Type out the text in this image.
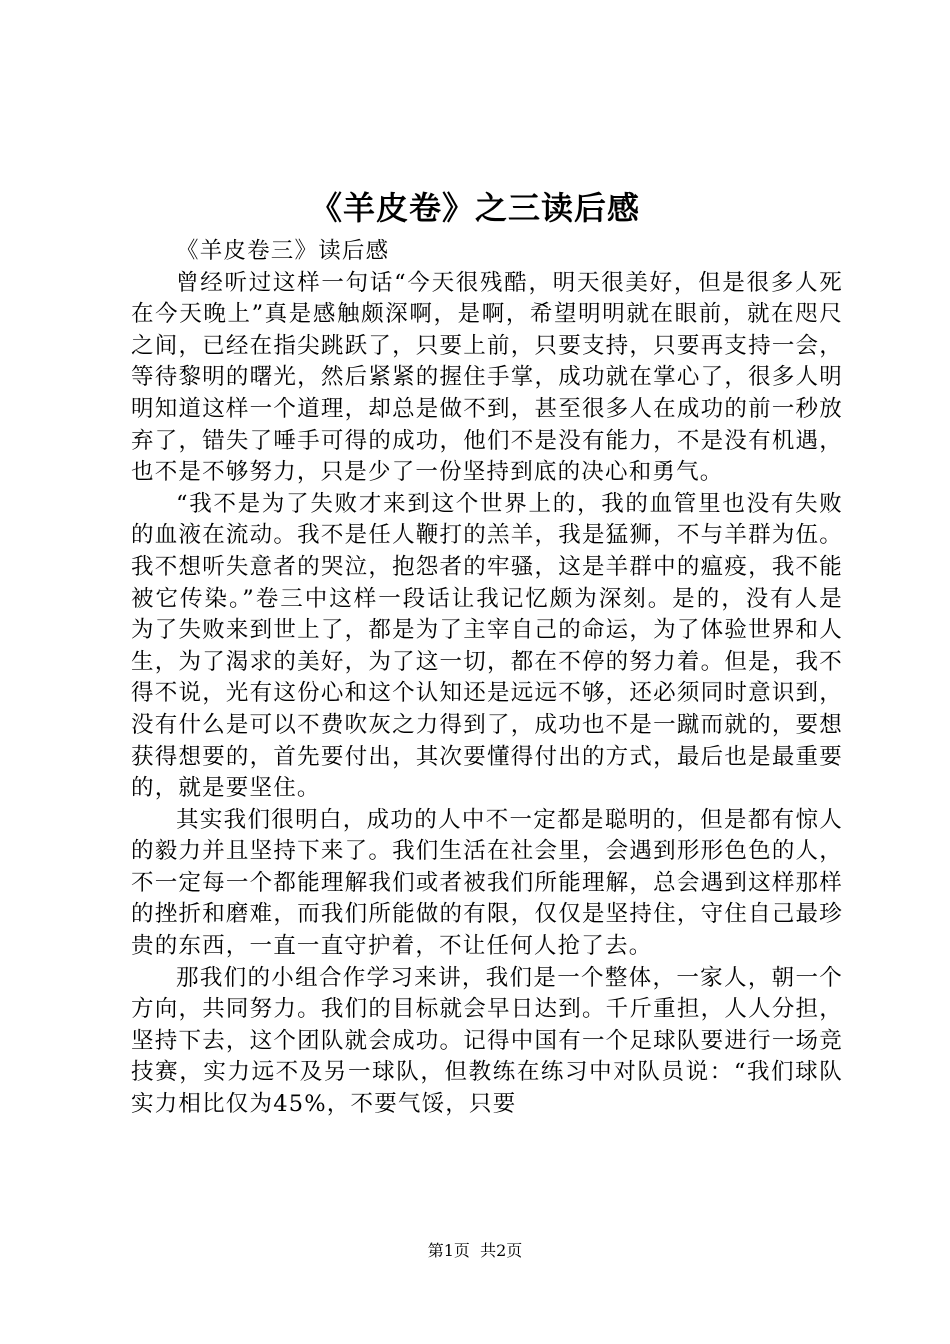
《羊皮卷》之三读后感

《羊皮卷三》读后感

曾经听过这样一句话“今天很残酷，明天很美好，但是很多人死在今天晚上”真是感触颇深啊，是啊，希望明明就在眼前，就在咫尺之间，已经在指尖跳跃了，只要上前，只要支持，只要再支持一会，等待黎明的曙光，然后紧紧的握住手掌，成功就在掌心了，很多人明明知道这样一个道理，却总是做不到，甚至很多人在成功的前一秒放弃了，错失了唾手可得的成功，他们不是没有能力，不是没有机遇，也不是不够努力，只是少了一份坚持到底的决心和勇气。

“我不是为了失败才来到这个世界上的，我的血管里也没有失败的血液在流动。我不是任人鞭打的羔羊，我是猛狮，不与羊群为伍。我不想听失意者的哭泣，抱怨者的牢骚，这是羊群中的瘟疫，我不能被它传染。”卷三中这样一段话让我记忆颇为深刻。是的，没有人是为了失败来到世上了，都是为了主宰自己的命运，为了体验世界和人生，为了渴求的美好，为了这一切，都在不停的努力着。但是，我不得不说，光有这份心和这个认知还是远远不够，还必须同时意识到，没有什么是可以不费吹灰之力得到了，成功也不是一蹴而就的，要想获得想要的，首先要付出，其次要懂得付出的方式，最后也是最重要的，就是要坚住。

其实我们很明白，成功的人中不一定都是聪明的，但是都有惊人的毅力并且坚持下来了。我们生活在社会里，会遇到形形色色的人，不一定每一个都能理解我们或者被我们所能理解，总会遇到这样那样的挫折和磨难，而我们所能做的有限，仅仅是坚持住，守住自己最珍贵的东西，一直一直守护着，不让任何人抢了去。

那我们的小组合作学习来讲，我们是一个整体，一家人，朝一个方向，共同努力。我们的目标就会早日达到。千斤重担，人人分担，坚持下去，这个团队就会成功。记得中国有一个足球队要进行一场竞技赛，实力远不及另一球队，但教练在练习中对队员说：“我们球队实力相比仅为45%，不要气馁，只要

第1页 共2页
